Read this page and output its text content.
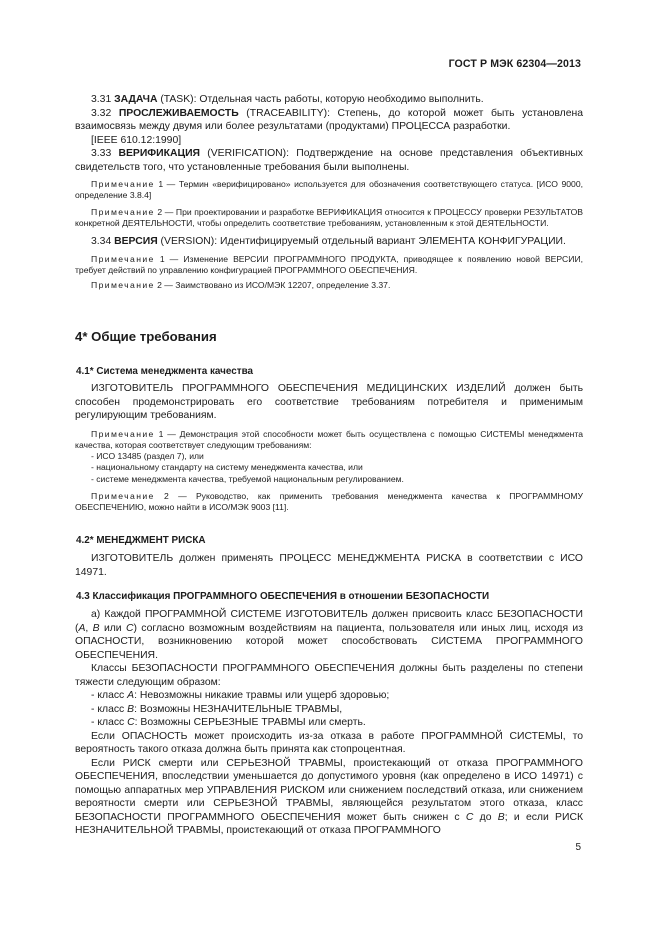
ГОСТ Р МЭК 62304—2013

3.31 ЗАДАЧА (TASK): Отдельная часть работы, которую необходимо выполнить.

3.32 ПРОСЛЕЖИВАЕМОСТЬ (TRACEABILITY): Степень, до которой может быть установлена взаимосвязь между двумя или более результатами (продуктами) ПРОЦЕССА разработки.

[IEEE 610.12:1990]

3.33 ВЕРИФИКАЦИЯ (VERIFICATION): Подтверждение на основе представления объективных свидетельств того, что установленные требования были выполнены.

Примечание 1 — Термин «верифицировано» используется для обозначения соответствующего статуса. [ИСО 9000, определение 3.8.4]

Примечание 2 — При проектировании и разработке ВЕРИФИКАЦИЯ относится к ПРОЦЕССУ проверки РЕЗУЛЬТАТОВ конкретной ДЕЯТЕЛЬНОСТИ, чтобы определить соответствие требованиям, установленным к этой ДЕЯТЕЛЬНОСТИ.

3.34 ВЕРСИЯ (VERSION): Идентифицируемый отдельный вариант ЭЛЕМЕНТА КОНФИГУРАЦИИ.

Примечание 1 — Изменение ВЕРСИИ ПРОГРАММНОГО ПРОДУКТА, приводящее к появлению новой ВЕРСИИ, требует действий по управлению конфигурацией ПРОГРАММНОГО ОБЕСПЕЧЕНИЯ.

Примечание 2 — Заимствовано из ИСО/МЭК 12207, определение 3.37.

4* Общие требования

4.1* Система менеджмента качества

ИЗГОТОВИТЕЛЬ ПРОГРАММНОГО ОБЕСПЕЧЕНИЯ МЕДИЦИНСКИХ ИЗДЕЛИЙ должен быть способен продемонстрировать его соответствие требованиям потребителя и применимым регулирующим требованиям.

Примечание 1 — Демонстрация этой способности может быть осуществлена с помощью СИСТЕМЫ менеджмента качества, которая соответствует следующим требованиям:

- ИСО 13485 (раздел 7), или

- национальному стандарту на систему менеджмента качества, или

- системе менеджмента качества, требуемой национальным регулированием.

Примечание 2 — Руководство, как применить требования менеджмента качества к ПРОГРАММНОМУ ОБЕСПЕЧЕНИЮ, можно найти в ИСО/МЭК 9003 [11].

4.2* МЕНЕДЖМЕНТ РИСКА

ИЗГОТОВИТЕЛЬ должен применять ПРОЦЕСС МЕНЕДЖМЕНТА РИСКА в соответствии с ИСО 14971.

4.3 Классификация ПРОГРАММНОГО ОБЕСПЕЧЕНИЯ в отношении БЕЗОПАСНОСТИ

а) Каждой ПРОГРАММНОЙ СИСТЕМЕ ИЗГОТОВИТЕЛЬ должен присвоить класс БЕЗОПАСНОСТИ (А, В или С) согласно возможным воздействиям на пациента, пользователя или иных лиц, исходя из ОПАСНОСТИ, возникновению которой может способствовать СИСТЕМА ПРОГРАММНОГО ОБЕСПЕЧЕНИЯ.

Классы БЕЗОПАСНОСТИ ПРОГРАММНОГО ОБЕСПЕЧЕНИЯ должны быть разделены по степени тяжести следующим образом:

- класс А: Невозможны никакие травмы или ущерб здоровью;

- класс В: Возможны НЕЗНАЧИТЕЛЬНЫЕ ТРАВМЫ,

- класс С: Возможны СЕРЬЕЗНЫЕ ТРАВМЫ или смерть.

Если ОПАСНОСТЬ может происходить из-за отказа в работе ПРОГРАММНОЙ СИСТЕМЫ, то вероятность такого отказа должна быть принята как стопроцентная.

Если РИСК смерти или СЕРЬЕЗНОЙ ТРАВМЫ, проистекающий от отказа ПРОГРАММНОГО ОБЕСПЕЧЕНИЯ, впоследствии уменьшается до допустимого уровня (как определено в ИСО 14971) с помощью аппаратных мер УПРАВЛЕНИЯ РИСКОМ или снижением последствий отказа, или снижением вероятности смерти или СЕРЬЕЗНОЙ ТРАВМЫ, являющейся результатом этого отказа, класс БЕЗОПАСНОСТИ ПРОГРАММНОГО ОБЕСПЕЧЕНИЯ может быть снижен с С до В; и если РИСК НЕЗНАЧИТЕЛЬНОЙ ТРАВМЫ, проистекающий от отказа ПРОГРАММНОГО

5
